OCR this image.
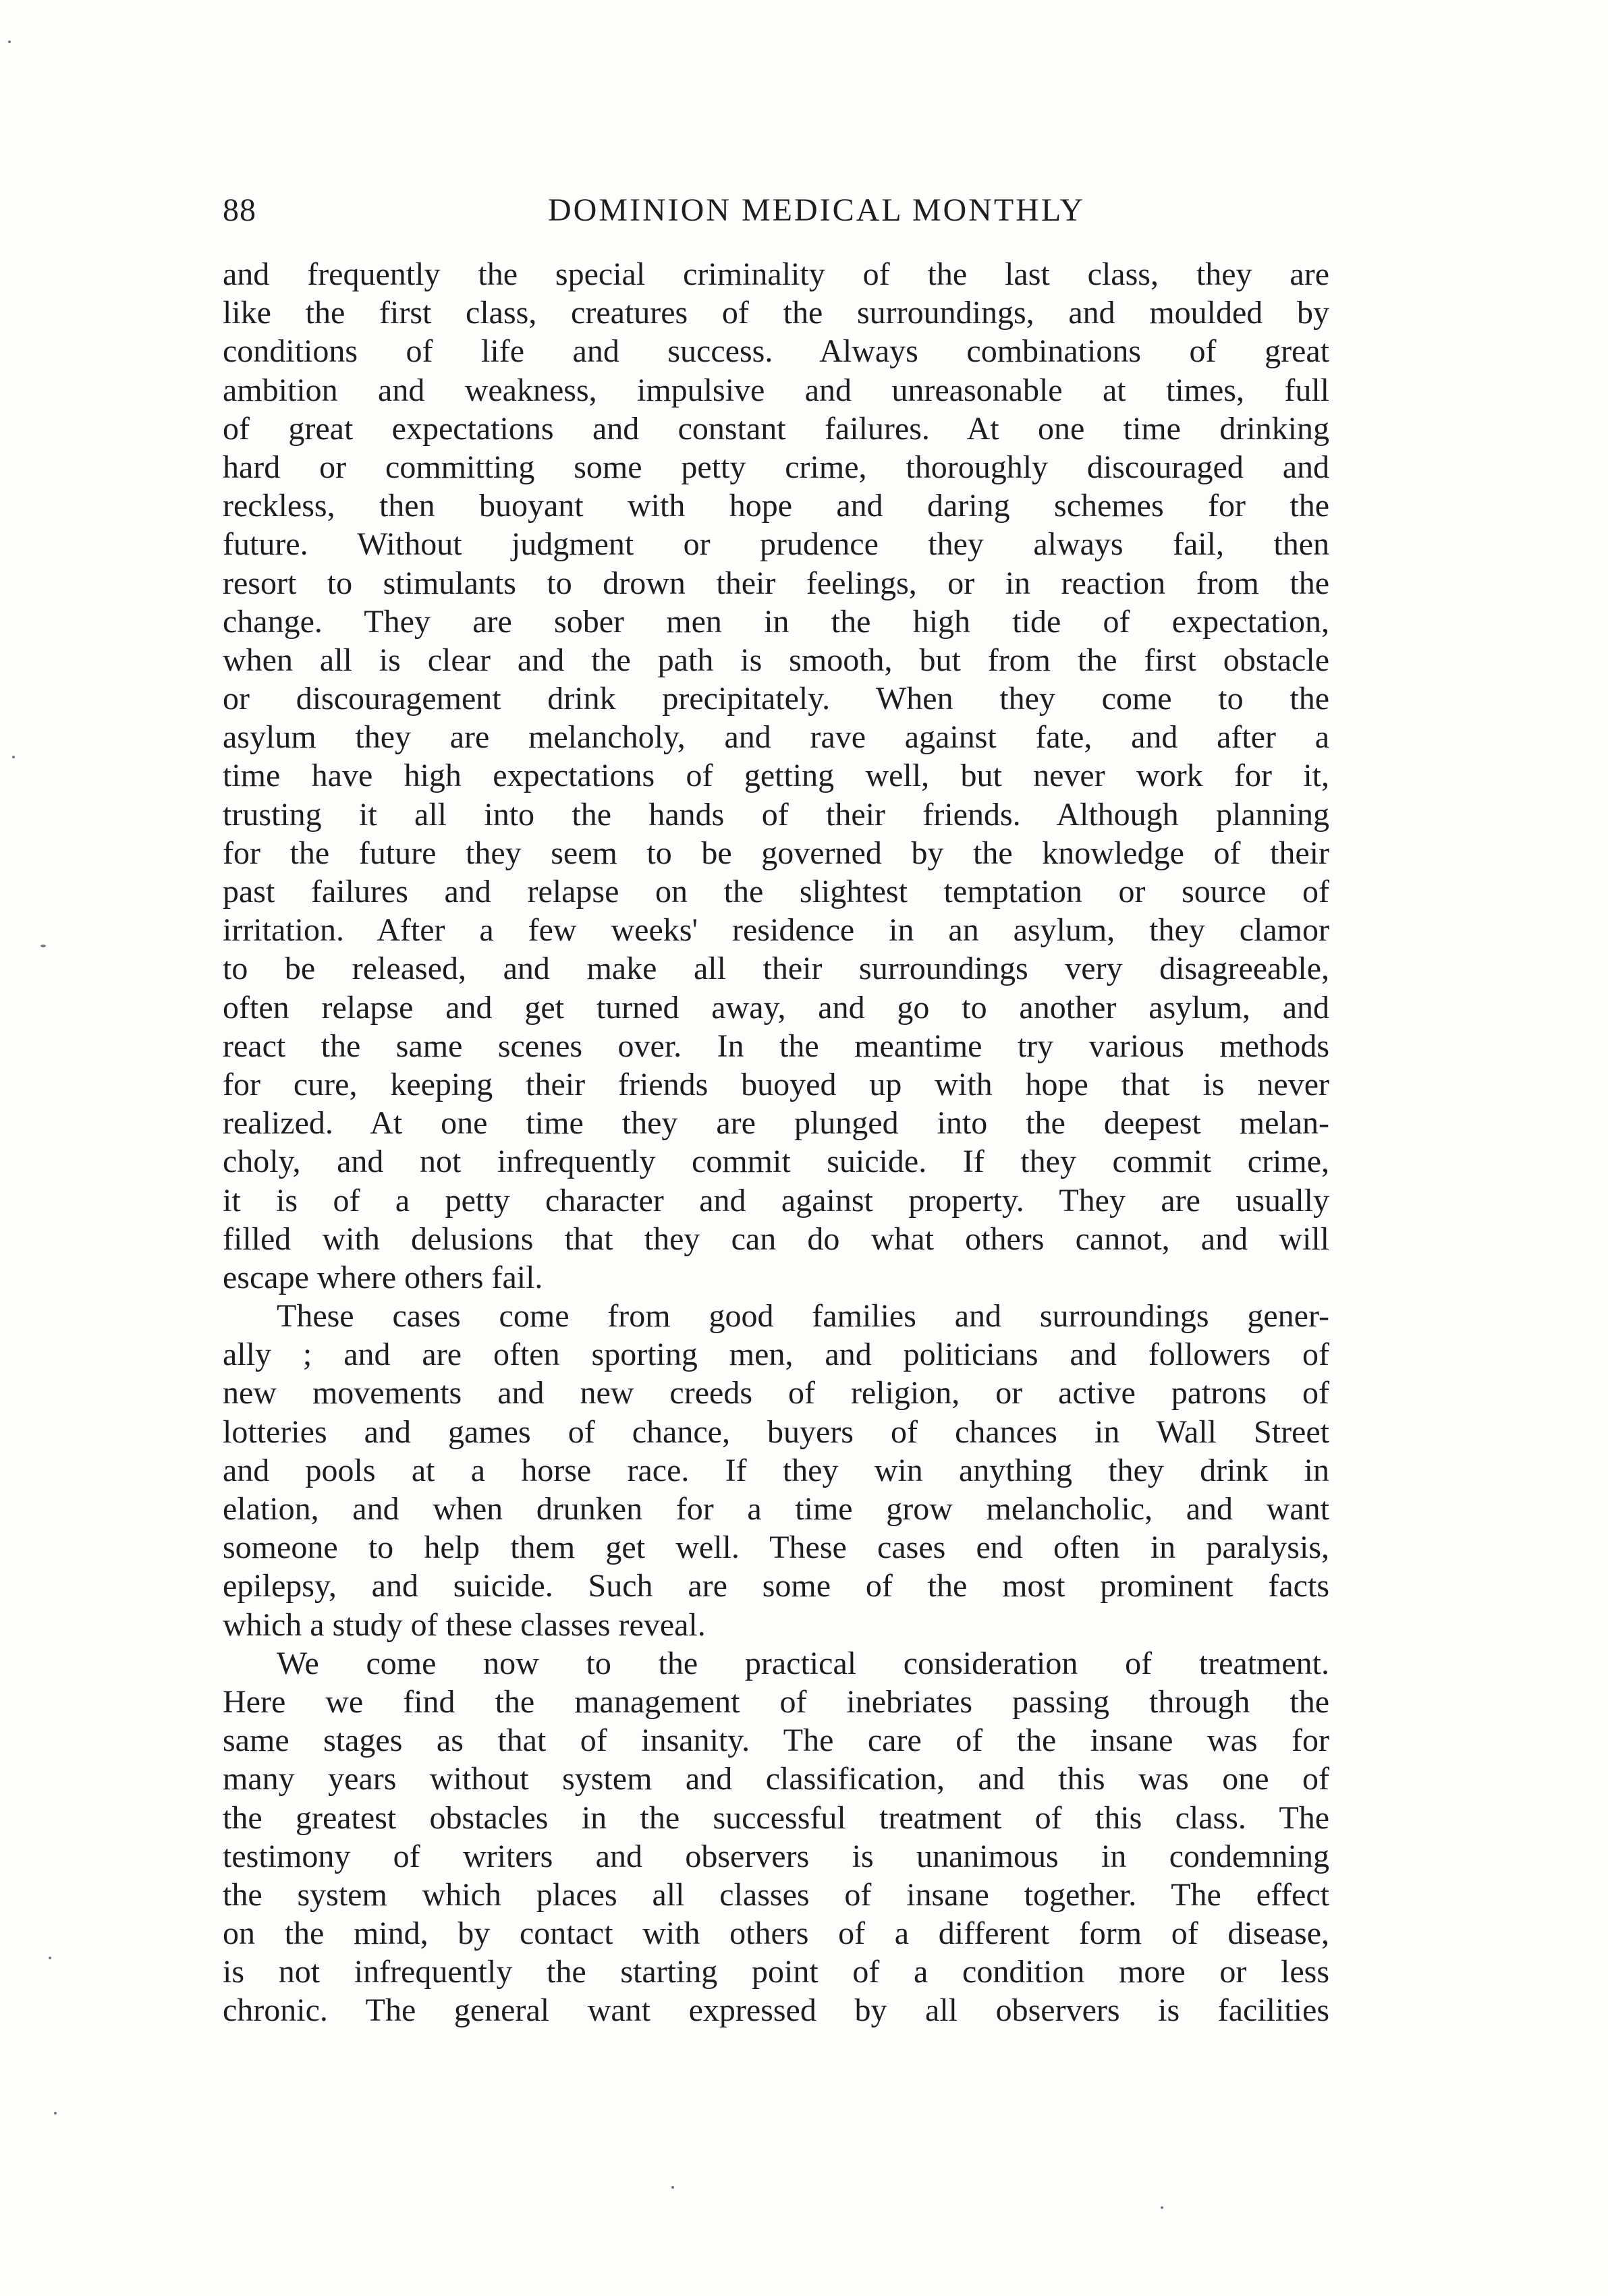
88	DOMINION MEDICAL MONTHLY
and frequently the special criminality of the last class, they are
like the first class, creatures of the surroundings, and moulded by
conditions of life and success. Always combinations of great
ambition and weakness, impulsive and unreasonable at times, full
of great expectations and constant failures. At one time drinking
hard or committing some petty crime, thoroughly discouraged and
reckless, then buoyant with hope and daring schemes for the
future. Without judgment or prudence they always fail, then
resort to stimulants to drown their feelings, or in reaction from the
change. They are sober men in the high tide of expectation,
when all is clear and the path is smooth, but from the first obstacle
or discouragement drink precipitately. When they come to the
asylum they are melancholy, and rave against fate, and after a
time have high expectations of getting well, but never work for it,
trusting it all into the hands of their friends. Although planning
for the future they seem to be governed by the knowledge of their
past failures and relapse on the slightest temptation or source of
irritation. After a few weeks' residence in an asylum, they clamor
to be released, and make all their surroundings very disagreeable,
often relapse and get turned away, and go to another asylum, and
react the same scenes over. In the meantime try various methods
for cure, keeping their friends buoyed up with hope that is never
realized. At one time they are plunged into the deepest melan-
choly, and not infrequently commit suicide. If they commit crime,
it is of a petty character and against property. They are usually
filled with delusions that they can do what others cannot, and will
escape where others fail.
These cases come from good families and surroundings gener-
ally ; and are often sporting men, and politicians and followers of
new movements and new creeds of religion, or active patrons of
lotteries and games of chance, buyers of chances in Wall Street
and pools at a horse race. If they win anything they drink in
elation, and when drunken for a time grow melancholic, and want
someone to help them get well. These cases end often in paralysis,
epilepsy, and suicide. Such are some of the most prominent facts
which a study of these classes reveal.
We come now to the practical consideration of treatment.
Here we find the management of inebriates passing through the
same stages as that of insanity. The care of the insane was for
many years without system and classification, and this was one of
the greatest obstacles in the successful treatment of this class. The
testimony of writers and observers is unanimous in condemning
the system which places all classes of insane together. The effect
on the mind, by contact with others of a different form of disease,
is not infrequently the starting point of a condition more or less
chronic. The general want expressed by all observers is facilities
